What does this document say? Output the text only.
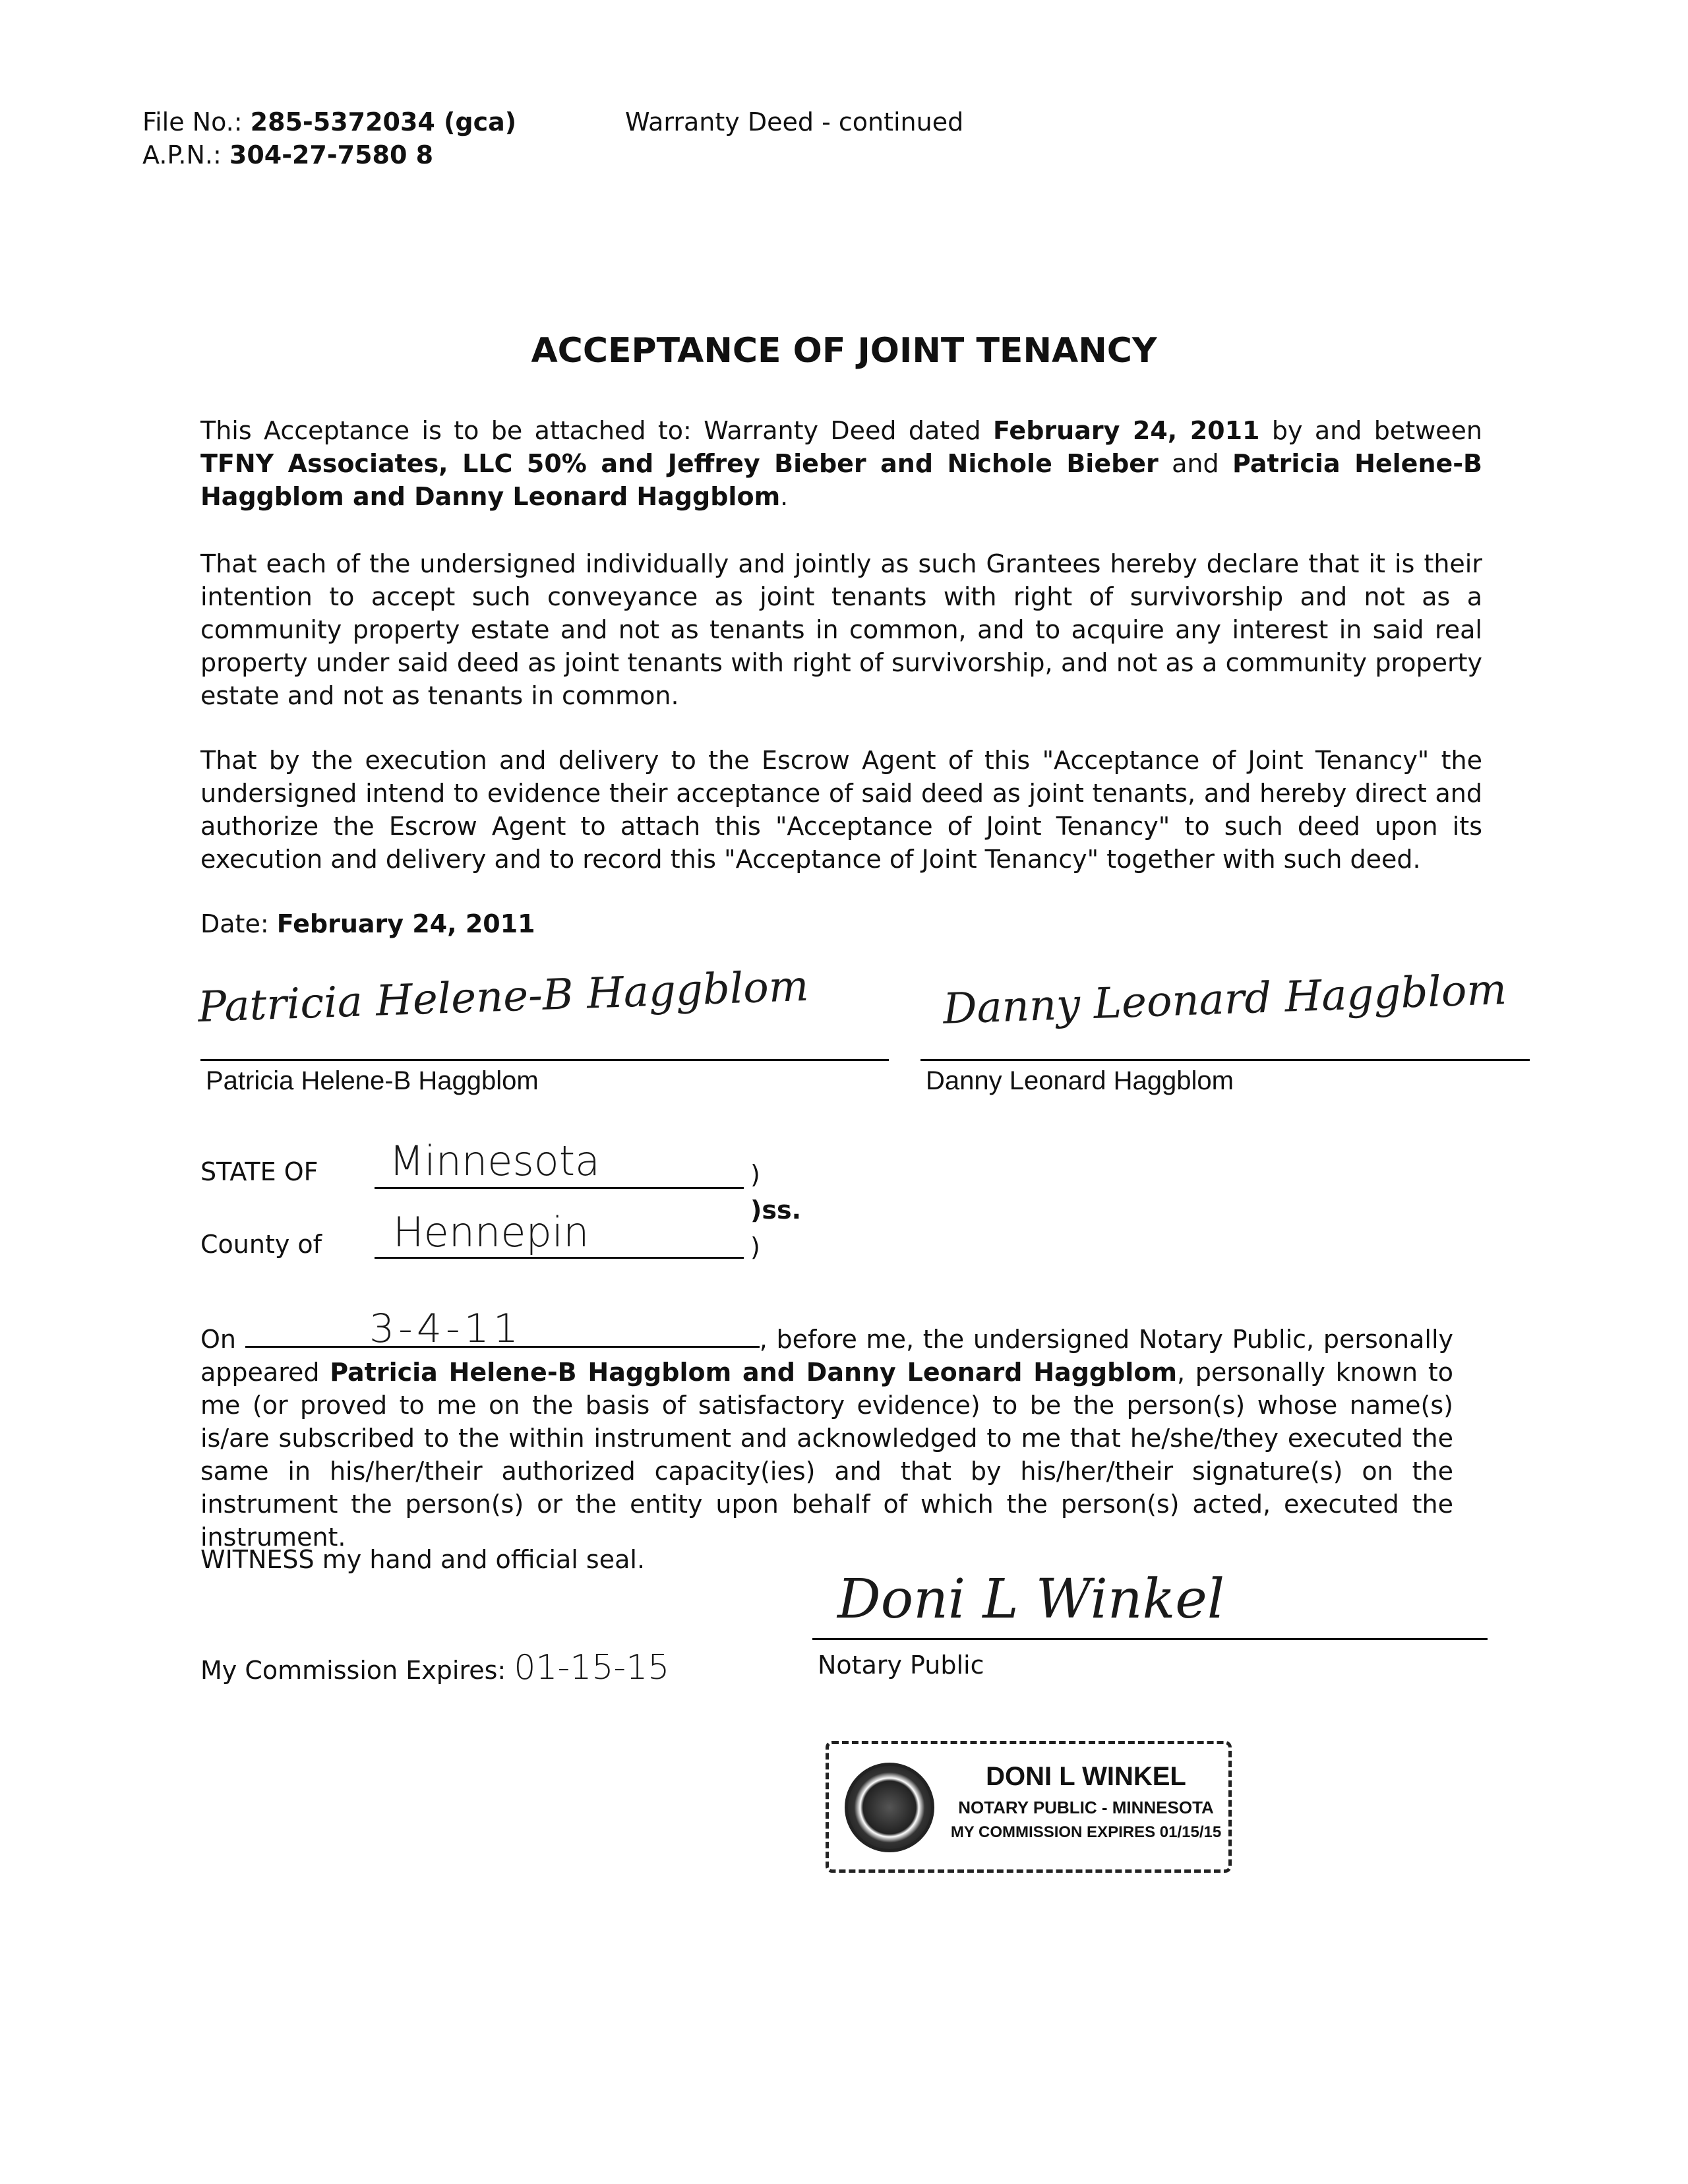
File No.: 285-5372034 (gca)
A.P.N.: 304-27-7580 8
Warranty Deed - continued
ACCEPTANCE OF JOINT TENANCY
This Acceptance is to be attached to: Warranty Deed dated February 24, 2011 by and between TFNY Associates, LLC 50% and Jeffrey Bieber and Nichole Bieber and Patricia Helene-B Haggblom and Danny Leonard Haggblom.
That each of the undersigned individually and jointly as such Grantees hereby declare that it is their intention to accept such conveyance as joint tenants with right of survivorship and not as a community property estate and not as tenants in common, and to acquire any interest in said real property under said deed as joint tenants with right of survivorship, and not as a community property estate and not as tenants in common.
That by the execution and delivery to the Escrow Agent of this "Acceptance of Joint Tenancy" the undersigned intend to evidence their acceptance of said deed as joint tenants, and hereby direct and authorize the Escrow Agent to attach this "Acceptance of Joint Tenancy" to such deed upon its execution and delivery and to record this "Acceptance of Joint Tenancy" together with such deed.
Date: February 24, 2011
Patricia Helene-B Haggblom
Patricia Helene-B Haggblom
Danny Leonard Haggblom
Danny Leonard Haggblom
STATE OF Minnesota	)
)ss.
County of Hennepin	)
3-4-11
On	, before me, the undersigned Notary Public, personally appeared Patricia Helene-B Haggblom and Danny Leonard Haggblom, personally known to me (or proved to me on the basis of satisfactory evidence) to be the person(s) whose name(s) is/are subscribed to the within instrument and acknowledged to me that he/she/they executed the same in his/her/their authorized capacity(ies) and that by his/her/their signature(s) on the instrument the person(s) or the entity upon behalf of which the person(s) acted, executed the instrument.
WITNESS my hand and official seal.
Doni L Winkel
Notary Public
My Commission Expires: 01-15-15
DONI L WINKEL
NOTARY PUBLIC - MINNESOTA
MY COMMISSION EXPIRES 01/15/15
